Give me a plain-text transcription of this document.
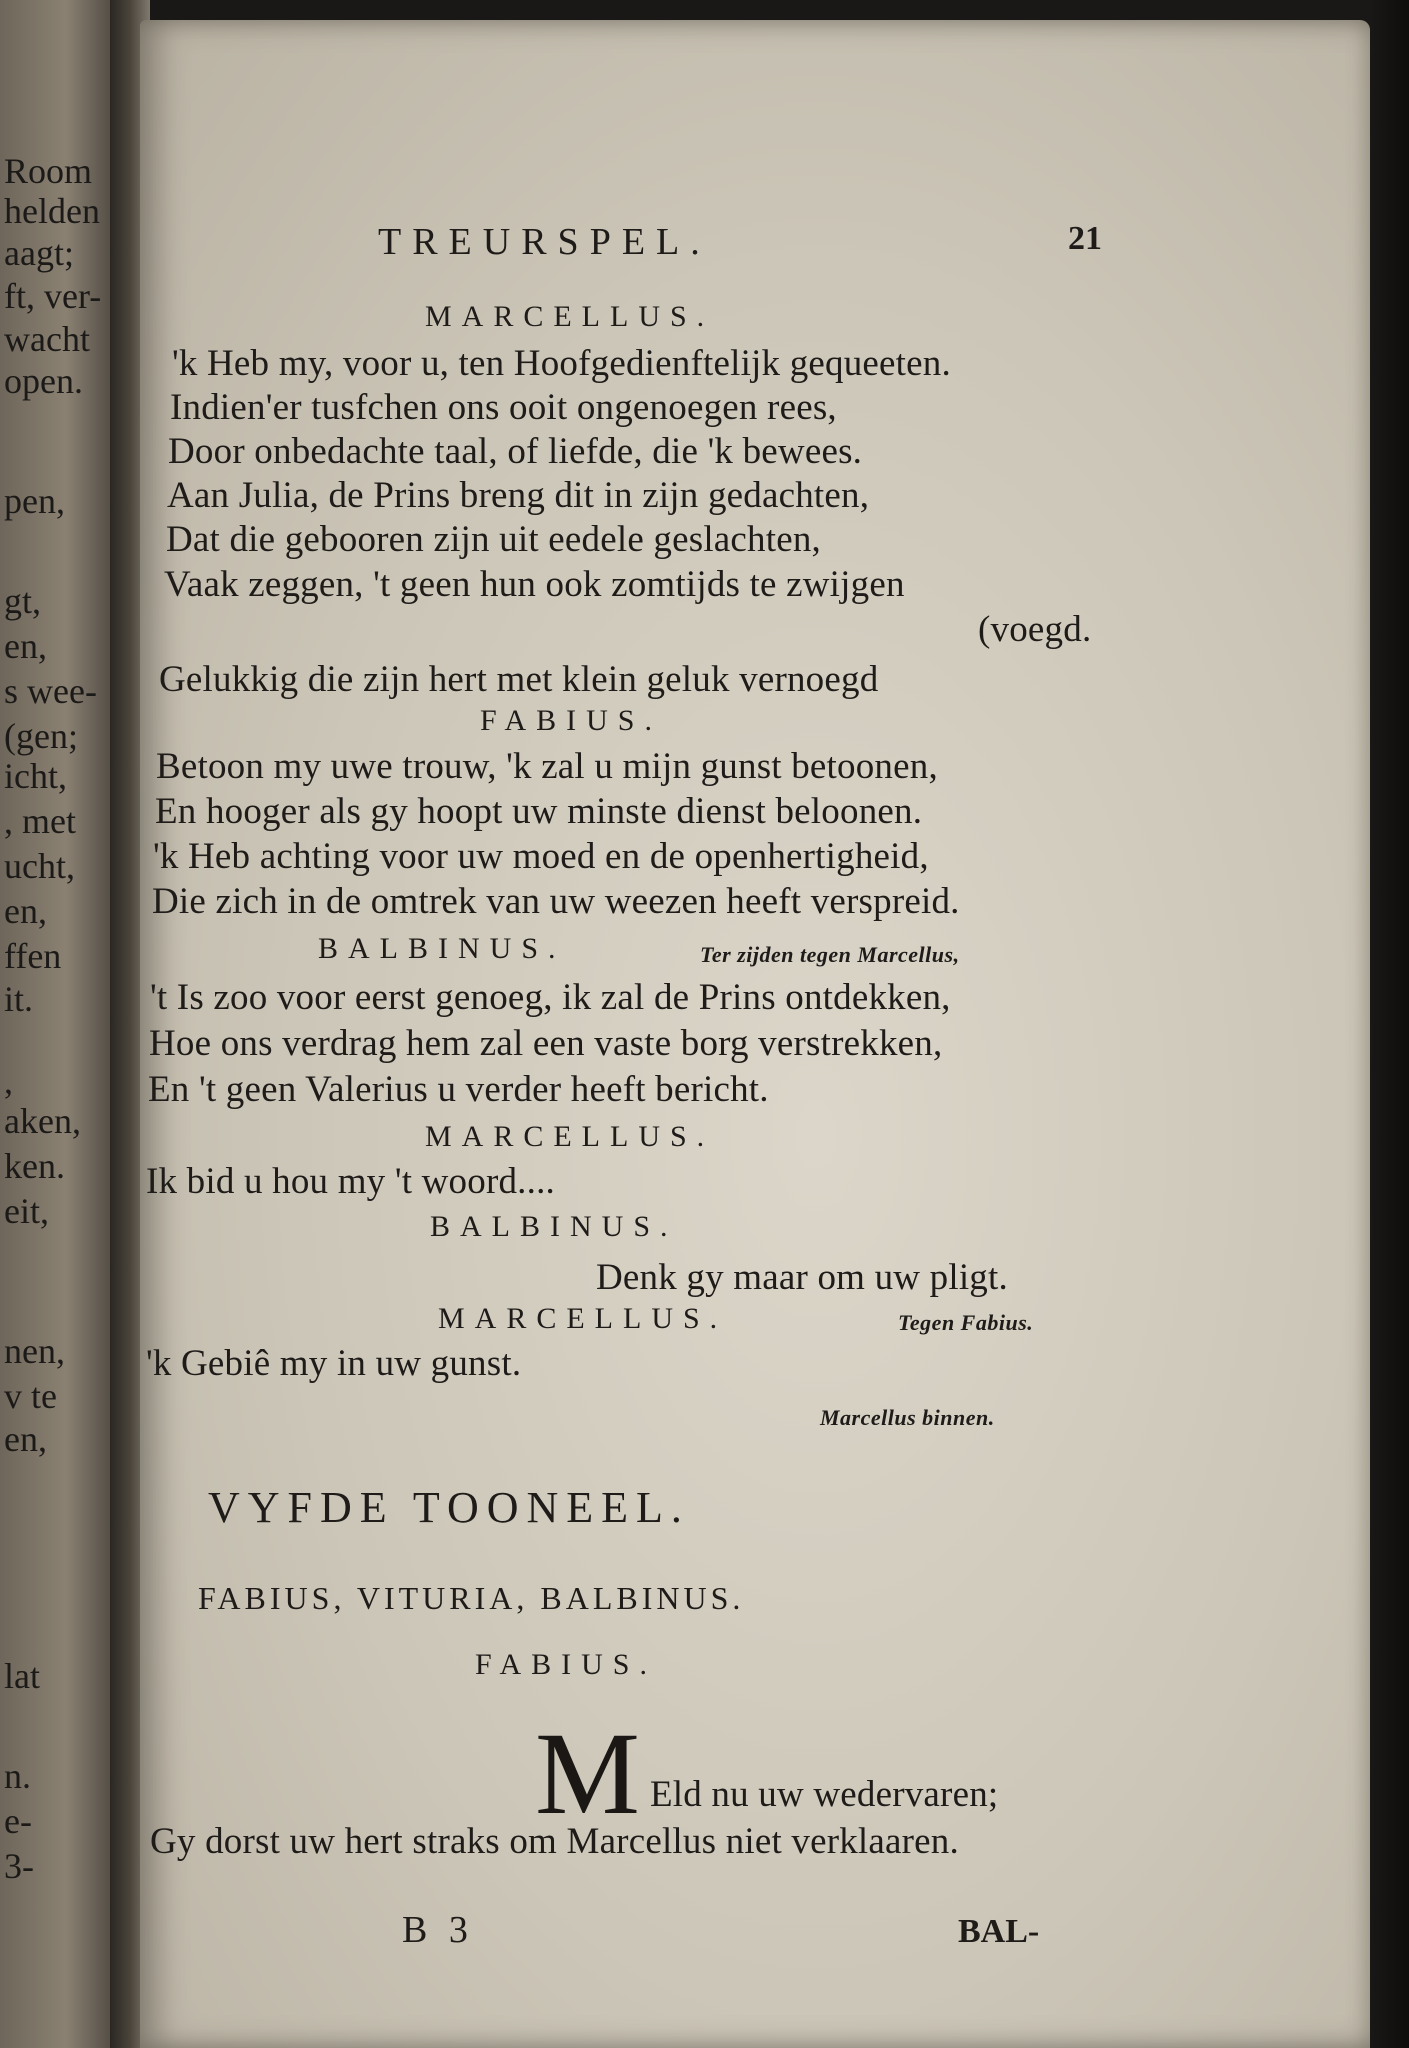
Room
helden
aagt;
ft, ver-
wacht
open.
pen,
gt,
en,
s wee-
(gen;
icht,
, met
ucht,
en,
ffen
it.
,
aken,
ken.
eit,
nen,
v te
en,
lat
n.
e-
3-
TREURSPEL.	21
MARCELLUS.
'k Heb my, voor u, ten Hoofgedienftelijk gequeeten.
Indien'er tusfchen ons ooit ongenoegen rees,
Door onbedachte taal, of liefde, die 'k bewees.
Aan Julia, de Prins breng dit in zijn gedachten,
Dat die gebooren zijn uit eedele geslachten,
Vaak zeggen, 't geen hun ook zomtijds te zwijgen
(voegd.
Gelukkig die zijn hert met klein geluk vernoegd
FABIUS.
Betoon my uwe trouw, 'k zal u mijn gunst betoonen,
En hooger als gy hoopt uw minste dienst beloonen.
'k Heb achting voor uw moed en de openhertigheid,
Die zich in de omtrek van uw weezen heeft verspreid.
BALBINUS.	Ter zijden tegen Marcellus,
't Is zoo voor eerst genoeg, ik zal de Prins ontdekken,
Hoe ons verdrag hem zal een vaste borg verstrekken,
En 't geen Valerius u verder heeft bericht.
MARCELLUS.
Ik bid u hou my 't woord....
BALBINUS.
Denk gy maar om uw pligt.
MARCELLUS.	Tegen Fabius.
'k Gebiê my in uw gunst.
Marcellus binnen.
VYFDE TOONEEL.
FABIUS, VITURIA, BALBINUS.
FABIUS.
M Eld nu uw wedervaren;
Gy dorst uw hert straks om Marcellus niet verklaaren.
B 3	BAL-
